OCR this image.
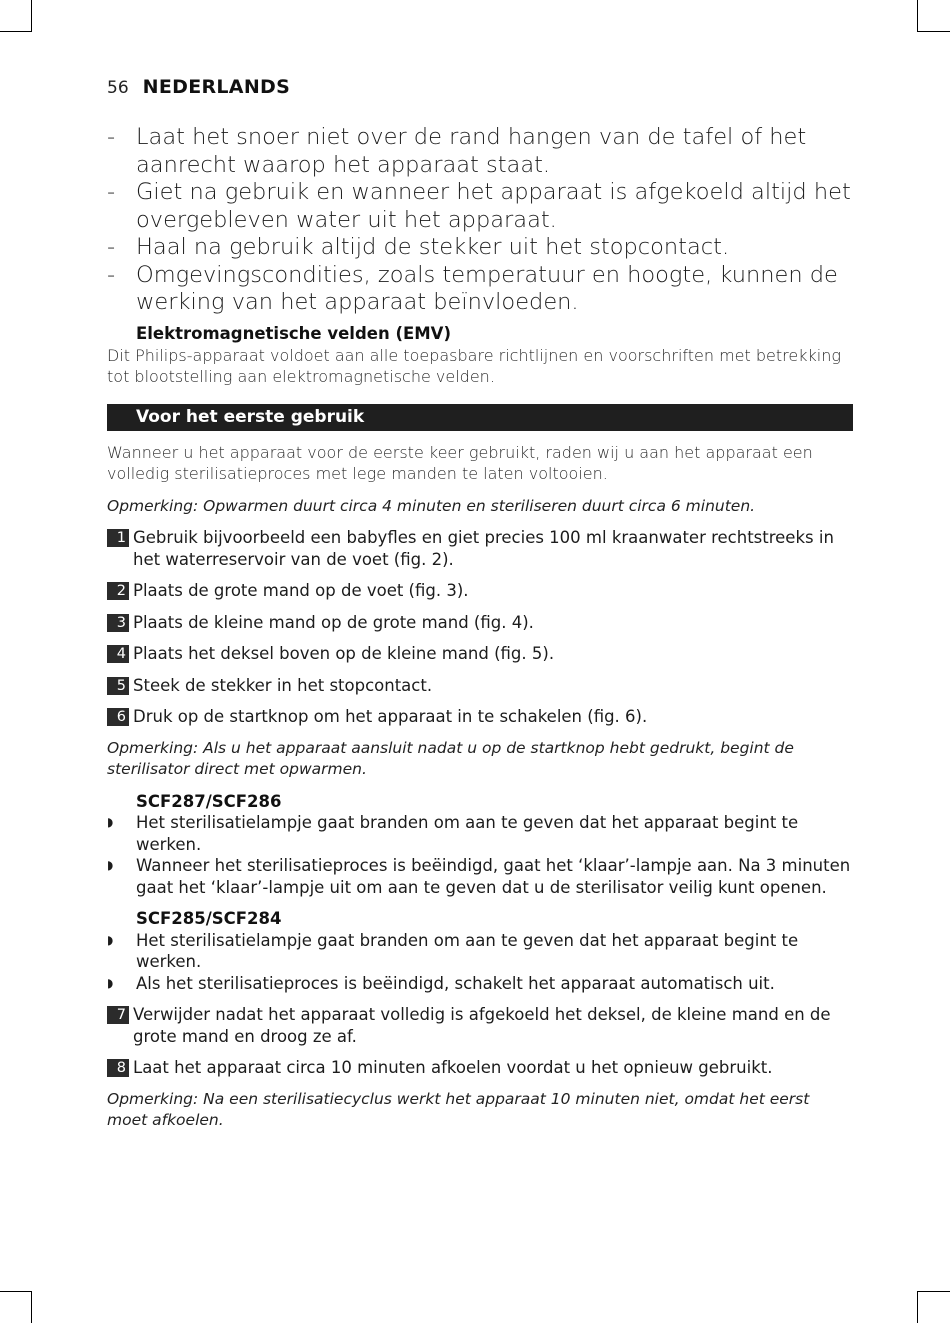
56 NEDERLANDS
- Laat het snoer niet over de rand hangen van de tafel of het aanrecht waarop het apparaat staat.
- Giet na gebruik en wanneer het apparaat is afgekoeld altijd het overgebleven water uit het apparaat.
- Haal na gebruik altijd de stekker uit het stopcontact.
- Omgevingscondities, zoals temperatuur en hoogte, kunnen de werking van het apparaat beïnvloeden.
Elektromagnetische velden (EMV)

Dit Philips-apparaat voldoet aan alle toepasbare richtlijnen en voorschriften met betrekking tot blootstelling aan elektromagnetische velden.

Voor het eerste gebruik

Wanneer u het apparaat voor de eerste keer gebruikt, raden wij u aan het apparaat een volledig sterilisatieproces met lege manden te laten voltooien.

Opmerking: Opwarmen duurt circa 4 minuten en steriliseren duurt circa 6 minuten.

1 Gebruik bijvoorbeeld een babyfles en giet precies 100 ml kraanwater rechtstreeks in het waterreservoir van de voet (fig. 2).
2 Plaats de grote mand op de voet (fig. 3).
3 Plaats de kleine mand op de grote mand (fig. 4).
4 Plaats het deksel boven op de kleine mand (fig. 5).
5 Steek de stekker in het stopcontact.
6 Druk op de startknop om het apparaat in te schakelen (fig. 6).

Opmerking: Als u het apparaat aansluit nadat u op de startknop hebt gedrukt, begint de sterilisator direct met opwarmen.

SCF287/SCF286
◗	Het sterilisatielampje gaat branden om aan te geven dat het apparaat begint te werken.
◗	Wanneer het sterilisatieproces is beëindigd, gaat het ‘klaar’-lampje aan. Na 3 minuten gaat het ‘klaar’-lampje uit om aan te geven dat u de sterilisator veilig kunt openen.
SCF285/SCF284
◗	Het sterilisatielampje gaat branden om aan te geven dat het apparaat begint te werken.
◗	Als het sterilisatieproces is beëindigd, schakelt het apparaat automatisch uit.
7 Verwijder nadat het apparaat volledig is afgekoeld het deksel, de kleine mand en de grote mand en droog ze af.
8 Laat het apparaat circa 10 minuten afkoelen voordat u het opnieuw gebruikt.

Opmerking: Na een sterilisatiecyclus werkt het apparaat 10 minuten niet, omdat het eerst moet afkoelen.
